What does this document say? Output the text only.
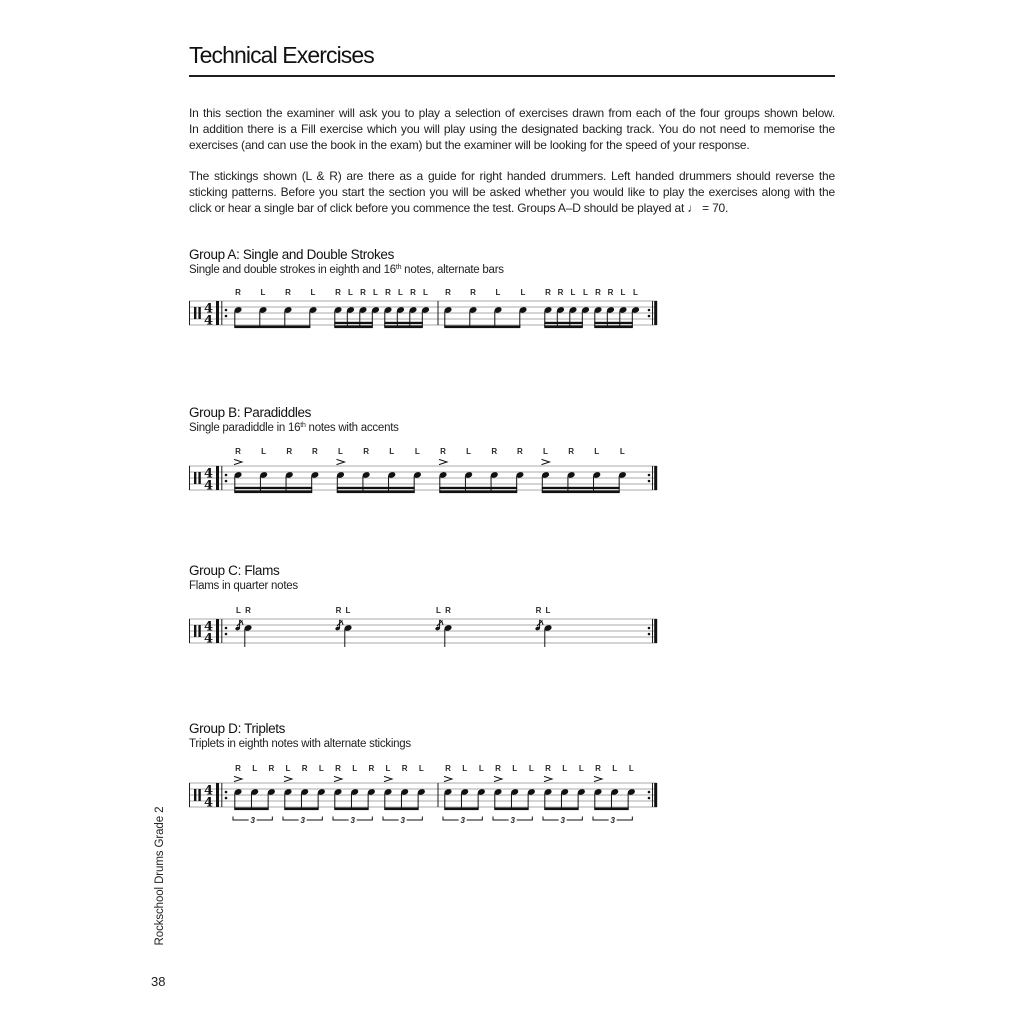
Technical Exercises
In this section the examiner will ask you to play a selection of exercises drawn from each of the four groups shown below.
In addition there is a Fill exercise which you will play using the designated backing track. You do not need to memorise the
exercises (and can use the book in the exam) but the examiner will be looking for the speed of your response.
The stickings shown (L & R) are there as a guide for right handed drummers. Left handed drummers should reverse the
sticking patterns. Before you start the section you will be asked whether you would like to play the exercises along with the
click or hear a single bar of click before you commence the test. Groups A–D should be played at ♩ = 70.
Group A: Single and Double Strokes
Single and double strokes in eighth and 16th notes, alternate bars
4
4
R L R L R L R L R L R L R R L	L R R L L R R L L
Group B: Paradiddles
Single paradiddle in 16th notes with accents
4
4
R	L	R R	L	R	L	L	R	L	R R	L	R	L	L
Group C: Flams
Flams in quarter notes
4
4
R
L	L
R	R
L	L
R
Group D: Triplets
Triplets in eighth notes with alternate stickings
4
4
R L R
3
L R L
3
R L R
3
L R L
3
R L L
3
R L L
3
R L L
3
R L L
3
Rockschool Drums Grade 2
38
